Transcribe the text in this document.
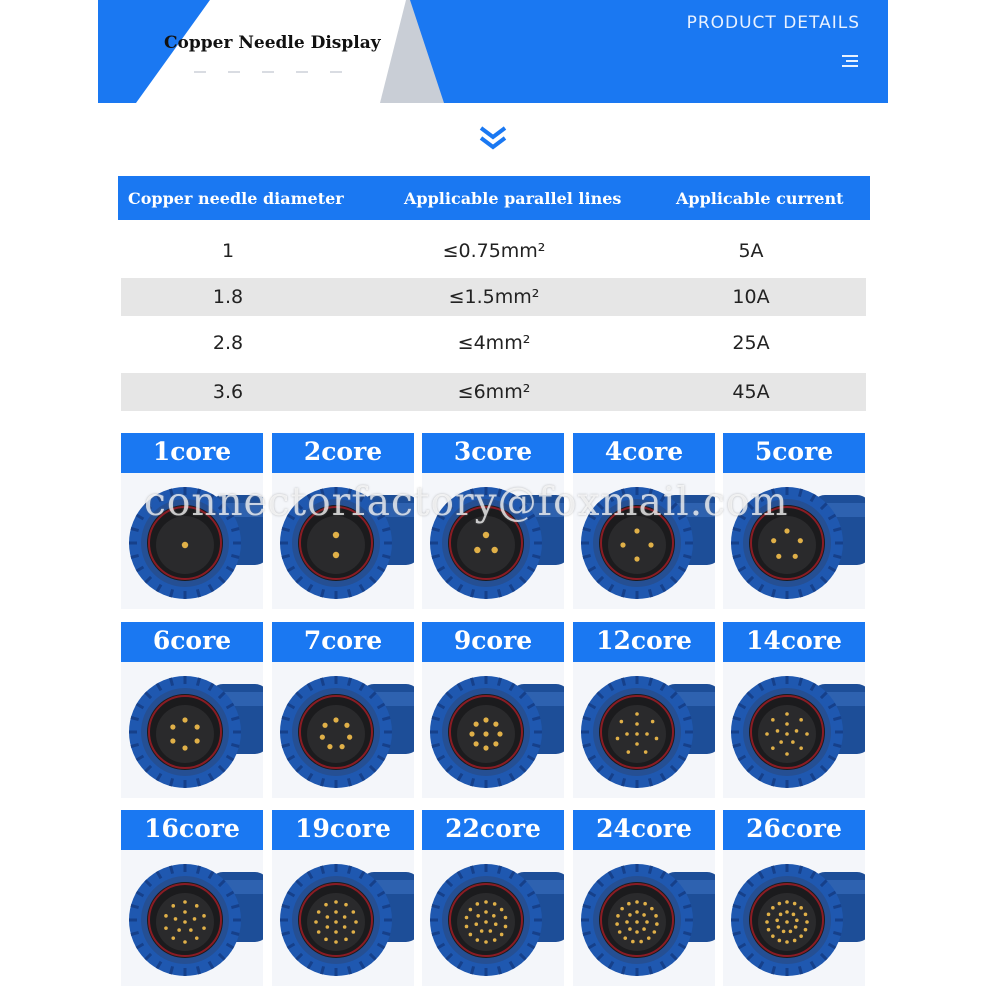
Copper Needle Display
PRODUCT DETAILS
Copper needle diameter	Applicable parallel lines	Applicable current
1	≤0.75mm²	5A
1.8	≤1.5mm²	10A
2.8	≤4mm²	25A
3.6	≤6mm²	45A
1core	2core	3core	4core	5core
6core	7core	9core	12core	14core
16core	19core	22core	24core	26core
connectorfactory@foxmail.com
